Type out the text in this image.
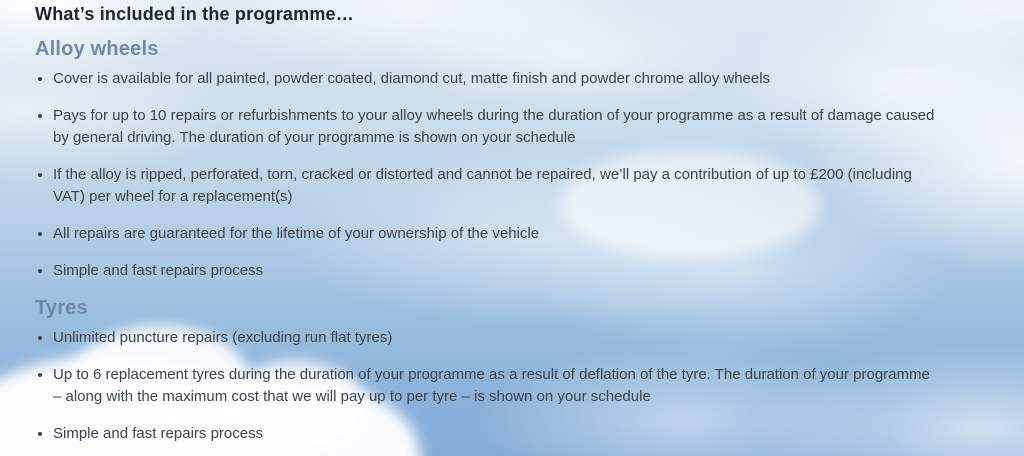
What’s included in the programme…
Alloy wheels
• Cover is available for all painted, powder coated, diamond cut, matte finish and powder chrome alloy wheels
• Pays for up to 10 repairs or refurbishments to your alloy wheels during the duration of your programme as a result of damage caused by general driving. The duration of your programme is shown on your schedule
• If the alloy is ripped, perforated, torn, cracked or distorted and cannot be repaired, we’ll pay a contribution of up to £200 (including VAT) per wheel for a replacement(s)
• All repairs are guaranteed for the lifetime of your ownership of the vehicle
• Simple and fast repairs process
Tyres
• Unlimited puncture repairs (excluding run flat tyres)
• Up to 6 replacement tyres during the duration of your programme as a result of deflation of the tyre. The duration of your programme – along with the maximum cost that we will pay up to per tyre – is shown on your schedule
• Simple and fast repairs process
